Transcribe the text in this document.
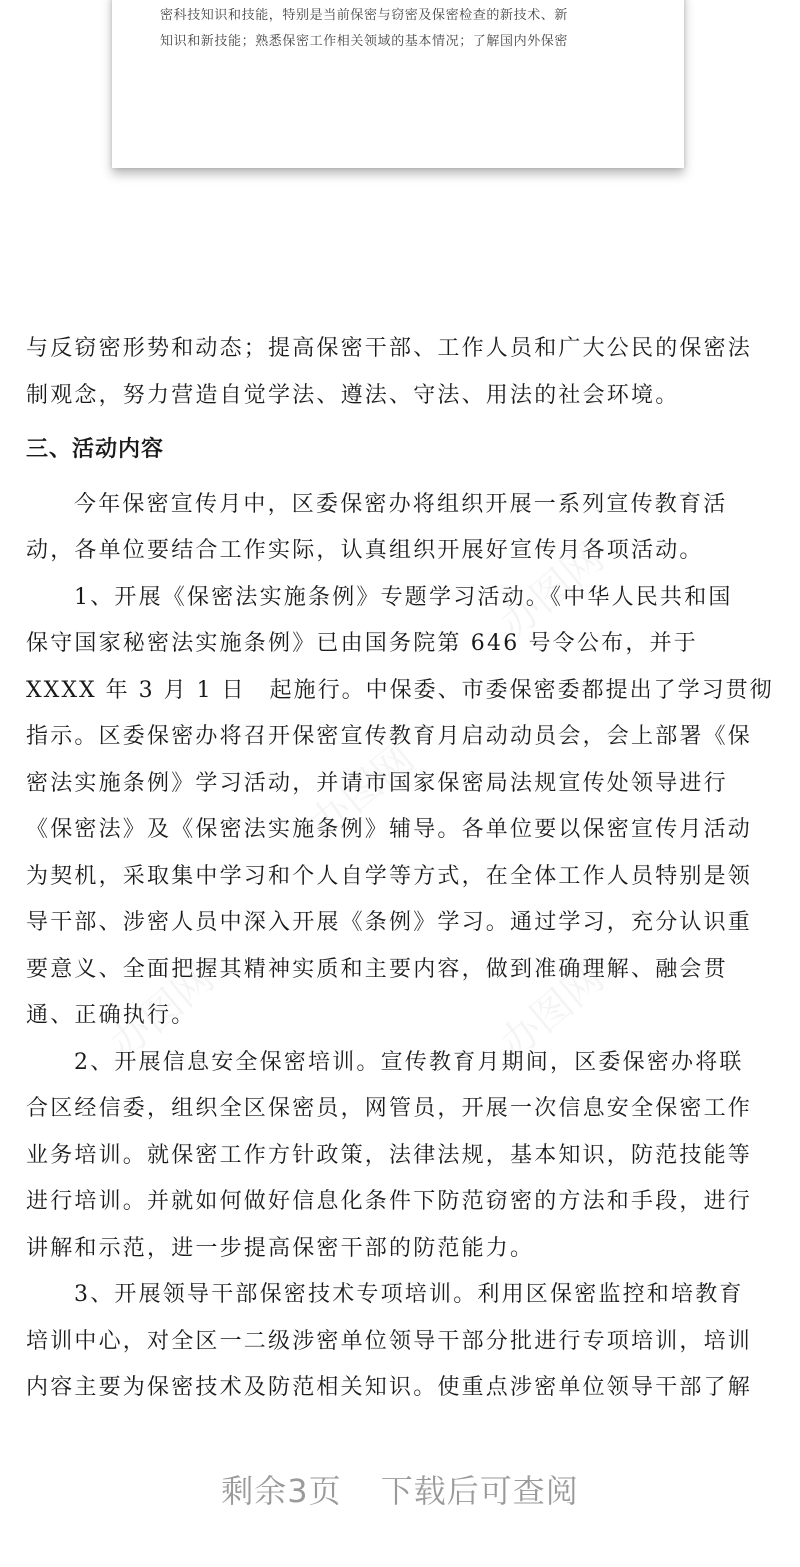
密科技知识和技能，特别是当前保密与窃密及保密检查的新技术、新
知识和新技能；熟悉保密工作相关领域的基本情况；了解国内外保密

与反窃密形势和动态；提高保密干部、工作人员和广大公民的保密法
制观念，努力营造自觉学法、遵法、守法、用法的社会环境。

三、活动内容

今年保密宣传月中，区委保密办将组织开展一系列宣传教育活
动，各单位要结合工作实际，认真组织开展好宣传月各项活动。

1、开展《保密法实施条例》专题学习活动。《中华人民共和国
保守国家秘密法实施条例》已由国务院第 646 号令公布，并于
XXXX 年 3 月 1 日　起施行。中保委、市委保密委都提出了学习贯彻
指示。区委保密办将召开保密宣传教育月启动动员会，会上部署《保
密法实施条例》学习活动，并请市国家保密局法规宣传处领导进行
《保密法》及《保密法实施条例》辅导。各单位要以保密宣传月活动
为契机，采取集中学习和个人自学等方式，在全体工作人员特别是领
导干部、涉密人员中深入开展《条例》学习。通过学习，充分认识重
要意义、全面把握其精神实质和主要内容，做到准确理解、融会贯
通、正确执行。

2、开展信息安全保密培训。宣传教育月期间，区委保密办将联
合区经信委，组织全区保密员，网管员，开展一次信息安全保密工作
业务培训。就保密工作方针政策，法律法规，基本知识，防范技能等
进行培训。并就如何做好信息化条件下防范窃密的方法和手段，进行
讲解和示范，进一步提高保密干部的防范能力。

3、开展领导干部保密技术专项培训。利用区保密监控和培教育
培训中心，对全区一二级涉密单位领导干部分批进行专项培训，培训
内容主要为保密技术及防范相关知识。使重点涉密单位领导干部了解

剩余3页 下载后可查阅
